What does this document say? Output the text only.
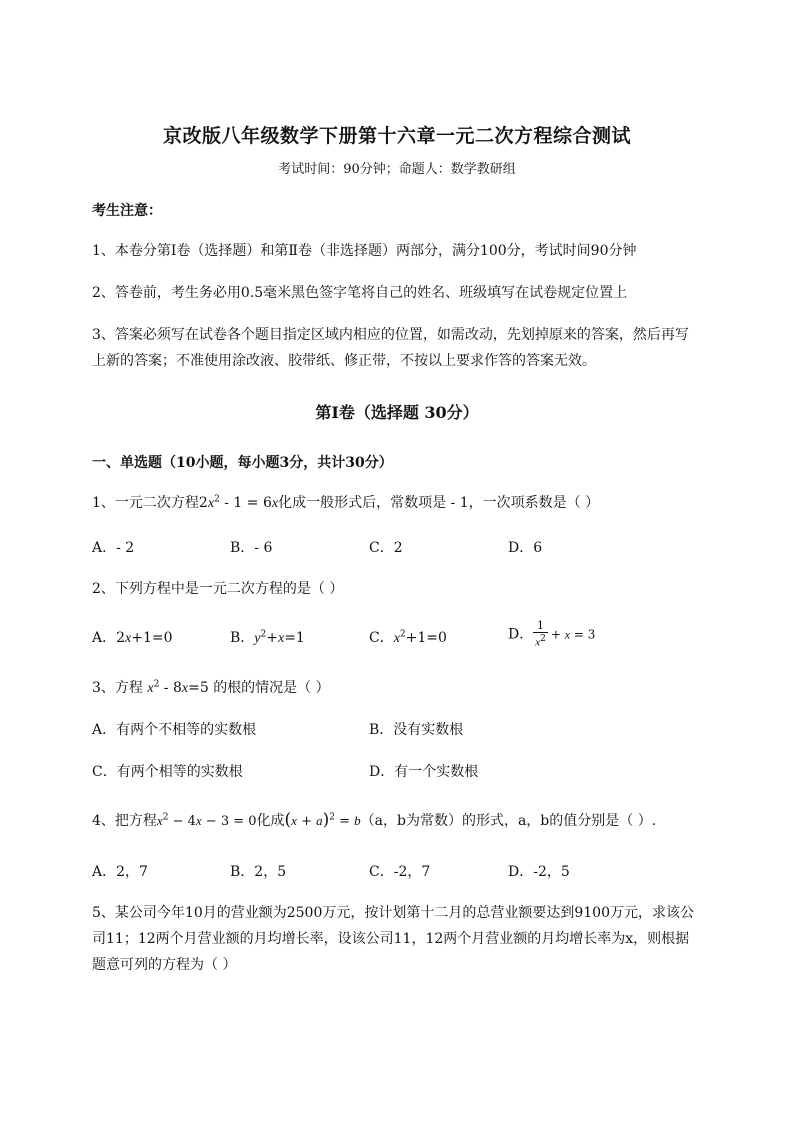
京改版八年级数学下册第十六章一元二次方程综合测试
考试时间：90分钟；命题人：数学教研组
考生注意：
1、本卷分第Ⅰ卷（选择题）和第Ⅱ卷（非选择题）两部分，满分100分，考试时间90分钟
2、答卷前，考生务必用0.5毫米黑色签字笔将自己的姓名、班级填写在试卷规定位置上
3、答案必须写在试卷各个题目指定区域内相应的位置，如需改动，先划掉原来的答案，然后再写上新的答案；不准使用涂改液、胶带纸、修正带，不按以上要求作答的答案无效。
第Ⅰ卷（选择题 30分）
一、单选题（10小题，每小题3分，共计30分）
1、一元二次方程$2x^2 - 1 = 6x$化成一般形式后，常数项是 - 1，一次项系数是（ ）
A．- 2	B．- 6	C．2	D．6
2、下列方程中是一元二次方程的是（ ）
A．2x+1=0	B．$y^2+x=1$	C．$x^2+1=0$	D． $\frac{1}{x^2} + x = 3$
3、方程 $x^2 - 8x=5$ 的根的情况是（ ）
A．有两个不相等的实数根	B．没有实数根
C．有两个相等的实数根	D．有一个实数根
4、把方程$x^2 - 4x - 3 = 0$化成$(x + a)^2 = b(a$，b为常数）的形式，a，b的值分别是（ ）.
A．2，7	B．2，5	C．-2，7	D．-2，5
5、某公司今年10月的营业额为2500万元，按计划第十二月的总营业额要达到9100万元，求该公司11；12两个月营业额的月均增长率，设该公司11，12两个月营业额的月均增长率为x，则根据题意可列的方程为（ ）
